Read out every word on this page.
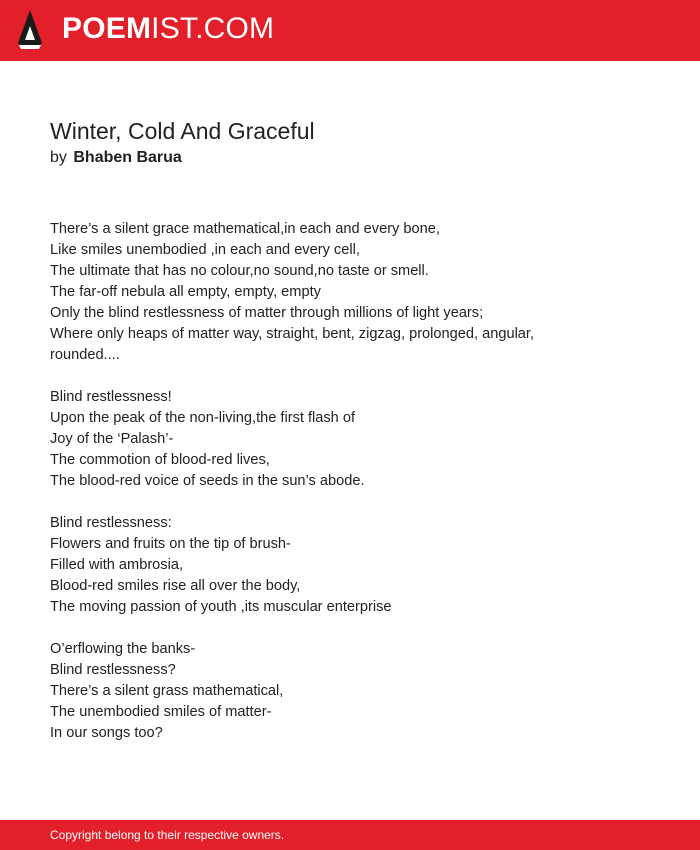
POEMIST.COM
Winter, Cold And Graceful
by Bhaben Barua
There’s a silent grace mathematical,in each and every bone,
Like smiles unembodied ,in each and every cell,
The ultimate that has no colour,no sound,no taste or smell.
The far-off nebula all empty, empty, empty
Only the blind restlessness of matter through millions of light years;
Where only heaps of matter way, straight, bent, zigzag, prolonged, angular,
rounded....
Blind restlessness!
Upon the peak of the non-living,the first flash of
Joy of the ‘Palash’-
The commotion of blood-red lives,
The blood-red voice of seeds in the sun’s abode.
Blind restlessness:
Flowers and fruits on the tip of brush-
Filled with ambrosia,
Blood-red smiles rise all over the body,
The moving passion of youth ,its muscular enterprise
O’erflowing the banks-
Blind restlessness?
There’s a silent grass mathematical,
The unembodied smiles of matter-
In our songs too?
Copyright belong to their respective owners.
